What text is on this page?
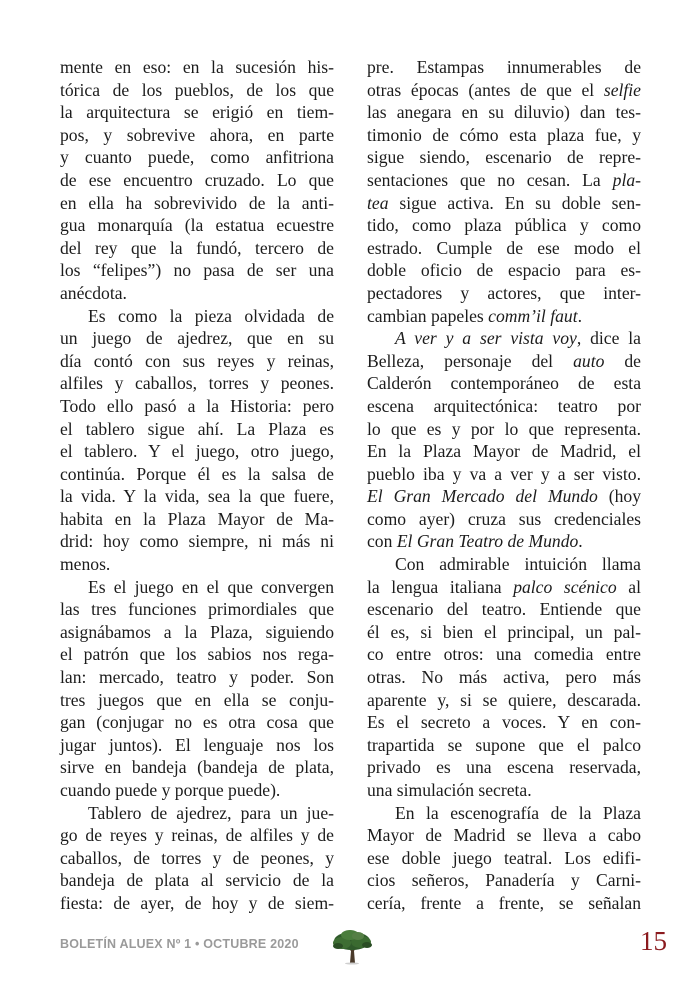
mente en eso: en la sucesión his-
tórica de los pueblos, de los que
la arquitectura se erigió en tiem-
pos, y sobrevive ahora, en parte
y cuanto puede, como anfitriona
de ese encuentro cruzado. Lo que
en ella ha sobrevivido de la anti-
gua monarquía (la estatua ecuestre
del rey que la fundó, tercero de
los “felipes”) no pasa de ser una
anécdota.
Es como la pieza olvidada de
un juego de ajedrez, que en su
día contó con sus reyes y reinas,
alfiles y caballos, torres y peones.
Todo ello pasó a la Historia: pero
el tablero sigue ahí. La Plaza es
el tablero. Y el juego, otro juego,
continúa. Porque él es la salsa de
la vida. Y la vida, sea la que fuere,
habita en la Plaza Mayor de Ma-
drid: hoy como siempre, ni más ni
menos.
Es el juego en el que convergen
las tres funciones primordiales que
asignábamos a la Plaza, siguiendo
el patrón que los sabios nos rega-
lan: mercado, teatro y poder. Son
tres juegos que en ella se conju-
gan (conjugar no es otra cosa que
jugar juntos). El lenguaje nos los
sirve en bandeja (bandeja de plata,
cuando puede y porque puede).
Tablero de ajedrez, para un jue-
go de reyes y reinas, de alfiles y de
caballos, de torres y de peones, y
bandeja de plata al servicio de la
fiesta: de ayer, de hoy y de siem-
pre. Estampas innumerables de
otras épocas (antes de que el selfie
las anegara en su diluvio) dan tes-
timonio de cómo esta plaza fue, y
sigue siendo, escenario de repre-
sentaciones que no cesan. La pla-
tea sigue activa. En su doble sen-
tido, como plaza pública y como
estrado. Cumple de ese modo el
doble oficio de espacio para es-
pectadores y actores, que inter-
cambian papeles comm’il faut.
A ver y a ser vista voy, dice la
Belleza, personaje del auto de
Calderón contemporáneo de esta
escena arquitectónica: teatro por
lo que es y por lo que representa.
En la Plaza Mayor de Madrid, el
pueblo iba y va a ver y a ser visto.
El Gran Mercado del Mundo (hoy
como ayer) cruza sus credenciales
con El Gran Teatro de Mundo.
Con admirable intuición llama
la lengua italiana palco scénico al
escenario del teatro. Entiende que
él es, si bien el principal, un pal-
co entre otros: una comedia entre
otras. No más activa, pero más
aparente y, si se quiere, descarada.
Es el secreto a voces. Y en con-
trapartida se supone que el palco
privado es una escena reservada,
una simulación secreta.
En la escenografía de la Plaza
Mayor de Madrid se lleva a cabo
ese doble juego teatral. Los edifi-
cios señeros, Panadería y Carni-
cería, frente a frente, se señalan
BOLETÍN ALUEX Nº 1 • OCTUBRE 2020	15
